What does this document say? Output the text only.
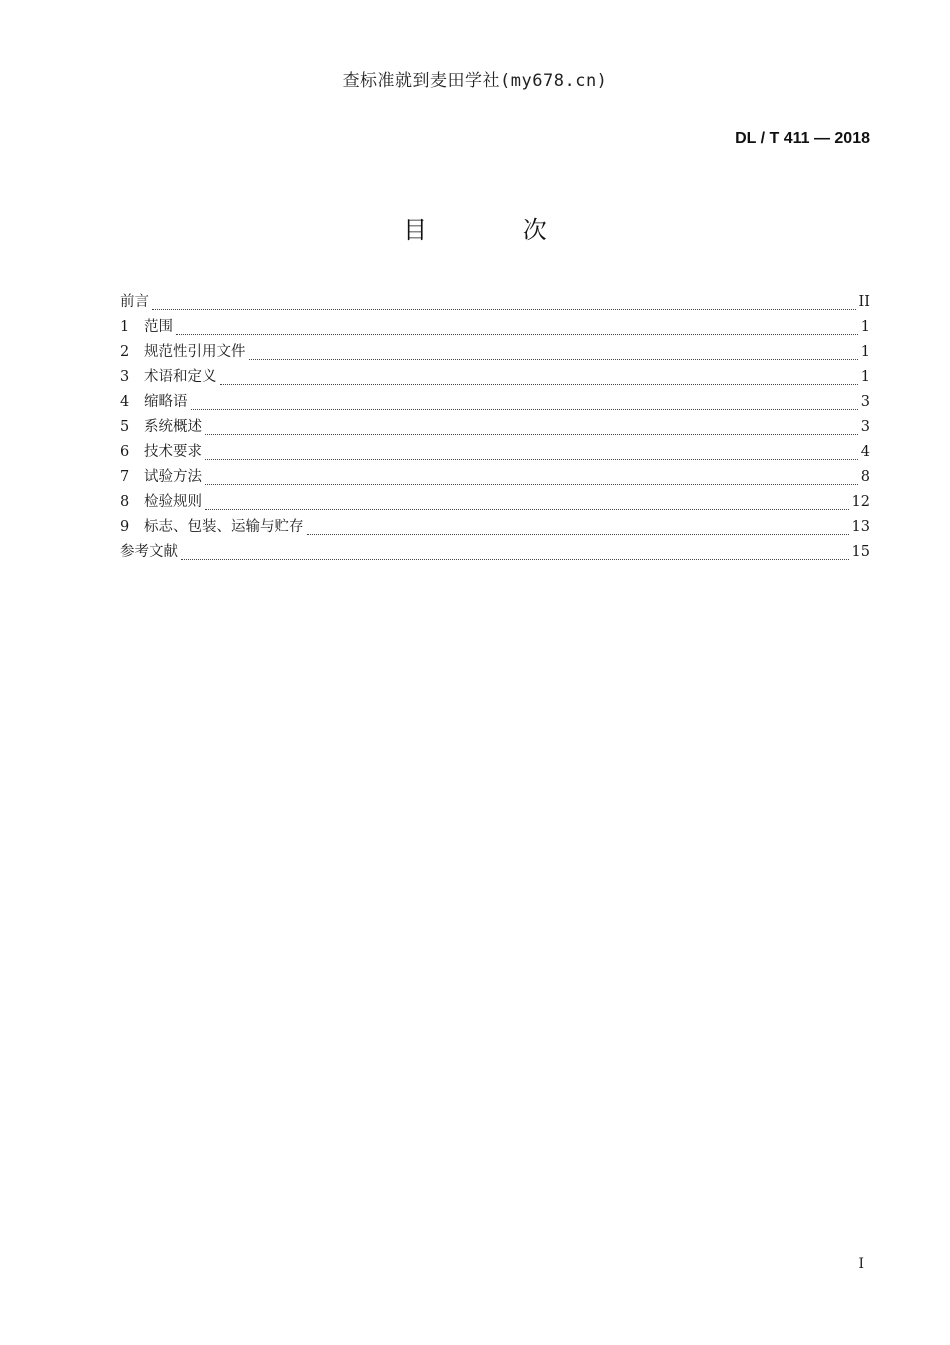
查标准就到麦田学社(my678.cn)
DL / T 411 — 2018
目 次
前言	II
1	范围	1
2	规范性引用文件	1
3	术语和定义	1
4	缩略语	3
5	系统概述	3
6	技术要求	4
7	试验方法	8
8	检验规则	12
9	标志、包装、运输与贮存	13
参考文献	15
I
